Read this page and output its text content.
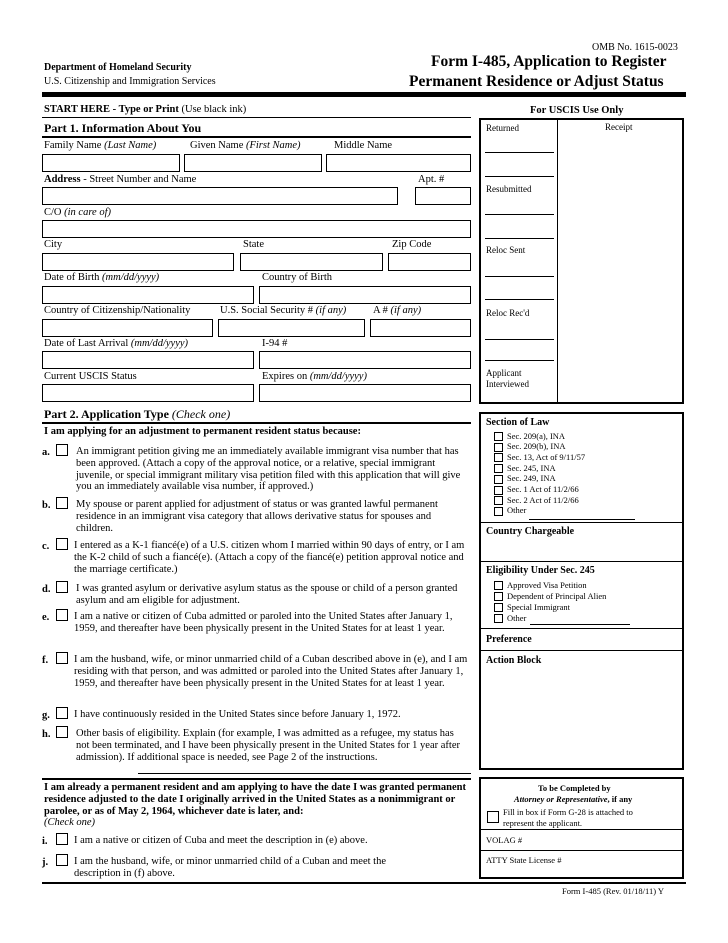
OMB No. 1615-0023
Department of Homeland Security
U.S. Citizenship and Immigration Services
Form I-485, Application to Register
Permanent Residence or Adjust Status
START HERE - Type or Print (Use black ink)
Part 1. Information About You
Family Name (Last Name)	Given Name (First Name)	Middle Name
Address - Street Number and Name	Apt. #
C/O (in care of)
City	State	Zip Code
Date of Birth (mm/dd/yyyy)	Country of Birth
Country of Citizenship/Nationality	U.S. Social Security # (if any)	A # (if any)
Date of Last Arrival (mm/dd/yyyy)	I-94 #
Current USCIS Status	Expires on (mm/dd/yyyy)
Part 2. Application Type (Check one)
I am applying for an adjustment to permanent resident status because:
a. An immigrant petition giving me an immediately available immigrant visa number that has been approved. (Attach a copy of the approval notice, or a relative, special immigrant juvenile, or special immigrant military visa petition filed with this application that will give you an immediately available visa number, if approved.)
b. My spouse or parent applied for adjustment of status or was granted lawful permanent residence in an immigrant visa category that allows derivative status for spouses and children.
c. I entered as a K-1 fiancé(e) of a U.S. citizen whom I married within 90 days of entry, or I am the K-2 child of such a fiancé(e). (Attach a copy of the fiancé(e) petition approval notice and the marriage certificate.)
d. I was granted asylum or derivative asylum status as the spouse or child of a person granted asylum and am eligible for adjustment.
e. I am a native or citizen of Cuba admitted or paroled into the United States after January 1, 1959, and thereafter have been physically present in the United States for at least 1 year.
f. I am the husband, wife, or minor unmarried child of a Cuban described above in (e), and I am residing with that person, and was admitted or paroled into the United States after January 1, 1959, and thereafter have been physically present in the United States for at least 1 year.
g. I have continuously resided in the United States since before January 1, 1972.
h. Other basis of eligibility. Explain (for example, I was admitted as a refugee, my status has not been terminated, and I have been physically present in the United States for 1 year after admission). If additional space is needed, see Page 2 of the instructions.
I am already a permanent resident and am applying to have the date I was granted permanent residence adjusted to the date I originally arrived in the United States as a nonimmigrant or parolee, or as of May 2, 1964, whichever date is later, and:
(Check one)
i.	I am a native or citizen of Cuba and meet the description in (e) above.
j. I am the husband, wife, or minor unmarried child of a Cuban and meet the description in (f) above.
For USCIS Use Only
Returned	Receipt
Resubmitted
Reloc Sent
Reloc Rec'd
Applicant
Interviewed
Section of Law
Sec. 209(a), INA
Sec. 209(b), INA
Sec. 13, Act of 9/11/57
Sec. 245, INA
Sec. 249, INA
Sec. 1 Act of 11/2/66
Sec. 2 Act of 11/2/66
Other
Country Chargeable
Eligibility Under Sec. 245
Approved Visa Petition
Dependent of Principal Alien
Special Immigrant
Other
Preference
Action Block
To be Completed by
Attorney or Representative, if any
Fill in box if Form G-28 is attached to
represent the applicant.
VOLAG #
ATTY State License #
Form I-485 (Rev. 01/18/11) Y
